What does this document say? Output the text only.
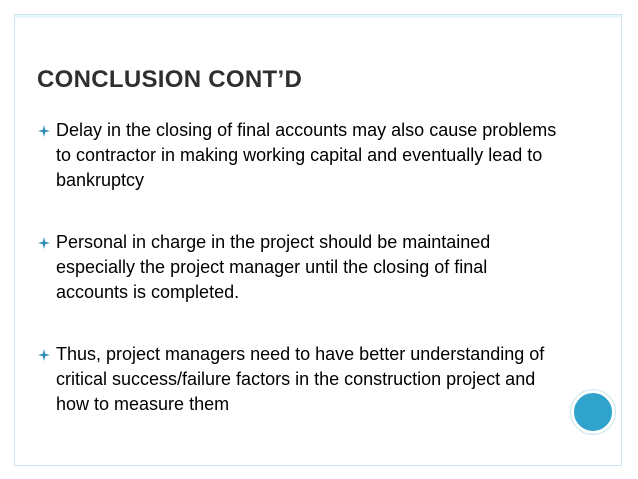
CONCLUSION CONT’D
Delay in the closing of final accounts may also cause problems to contractor in making working capital and eventually lead to bankruptcy
Personal in charge in the project should be maintained especially the project manager until the closing of final accounts is completed.
Thus, project managers need to have better understanding of critical success/failure factors in the construction project and how to measure them
